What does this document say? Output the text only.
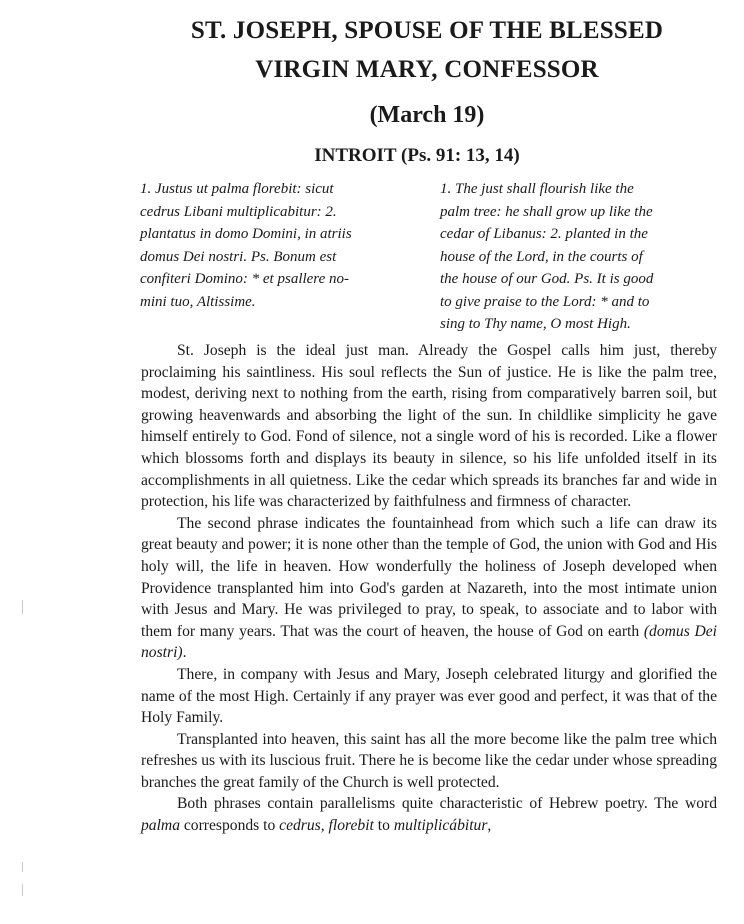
ST. JOSEPH, SPOUSE OF THE BLESSED
VIRGIN MARY, CONFESSOR
(March 19)
INTROIT (Ps. 91: 13, 14)
1. Justus ut palma florebit: sicut
cedrus Libani multiplicabitur: 2.
plantatus in domo Domini, in atriis
domus Dei nostri. Ps. Bonum est
confiteri Domino: * et psallere no-
mini tuo, Altissime.
1. The just shall flourish like the
palm tree: he shall grow up like the
cedar of Libanus: 2. planted in the
house of the Lord, in the courts of
the house of our God. Ps. It is good
to give praise to the Lord: * and to
sing to Thy name, O most High.

St. Joseph is the ideal just man. Already the Gospel calls him just, thereby proclaiming his saintliness. His soul reflects the Sun of justice. He is like the palm tree, modest, deriving next to nothing from the earth, rising from comparatively barren soil, but growing heavenwards and absorbing the light of the sun. In childlike simplicity he gave himself entirely to God. Fond of silence, not a single word of his is recorded. Like a flower which blossoms forth and displays its beauty in silence, so his life unfolded itself in its accomplishments in all quietness. Like the cedar which spreads its branches far and wide in protection, his life was characterized by faithfulness and firmness of character.

The second phrase indicates the fountainhead from which such a life can draw its great beauty and power; it is none other than the temple of God, the union with God and His holy will, the life in heaven. How wonderfully the holiness of Joseph developed when Providence transplanted him into God's garden at Nazareth, into the most intimate union with Jesus and Mary. He was privileged to pray, to speak, to associate and to labor with them for many years. That was the court of heaven, the house of God on earth (domus Dei nostri).

There, in company with Jesus and Mary, Joseph celebrated liturgy and glorified the name of the most High. Certainly if any prayer was ever good and perfect, it was that of the Holy Family.

Transplanted into heaven, this saint has all the more become like the palm tree which refreshes us with its luscious fruit. There he is become like the cedar under whose spreading branches the great family of the Church is well protected.

Both phrases contain parallelisms quite characteristic of Hebrew poetry. The word palma corresponds to cedrus, florebit to multiplicábitur,
